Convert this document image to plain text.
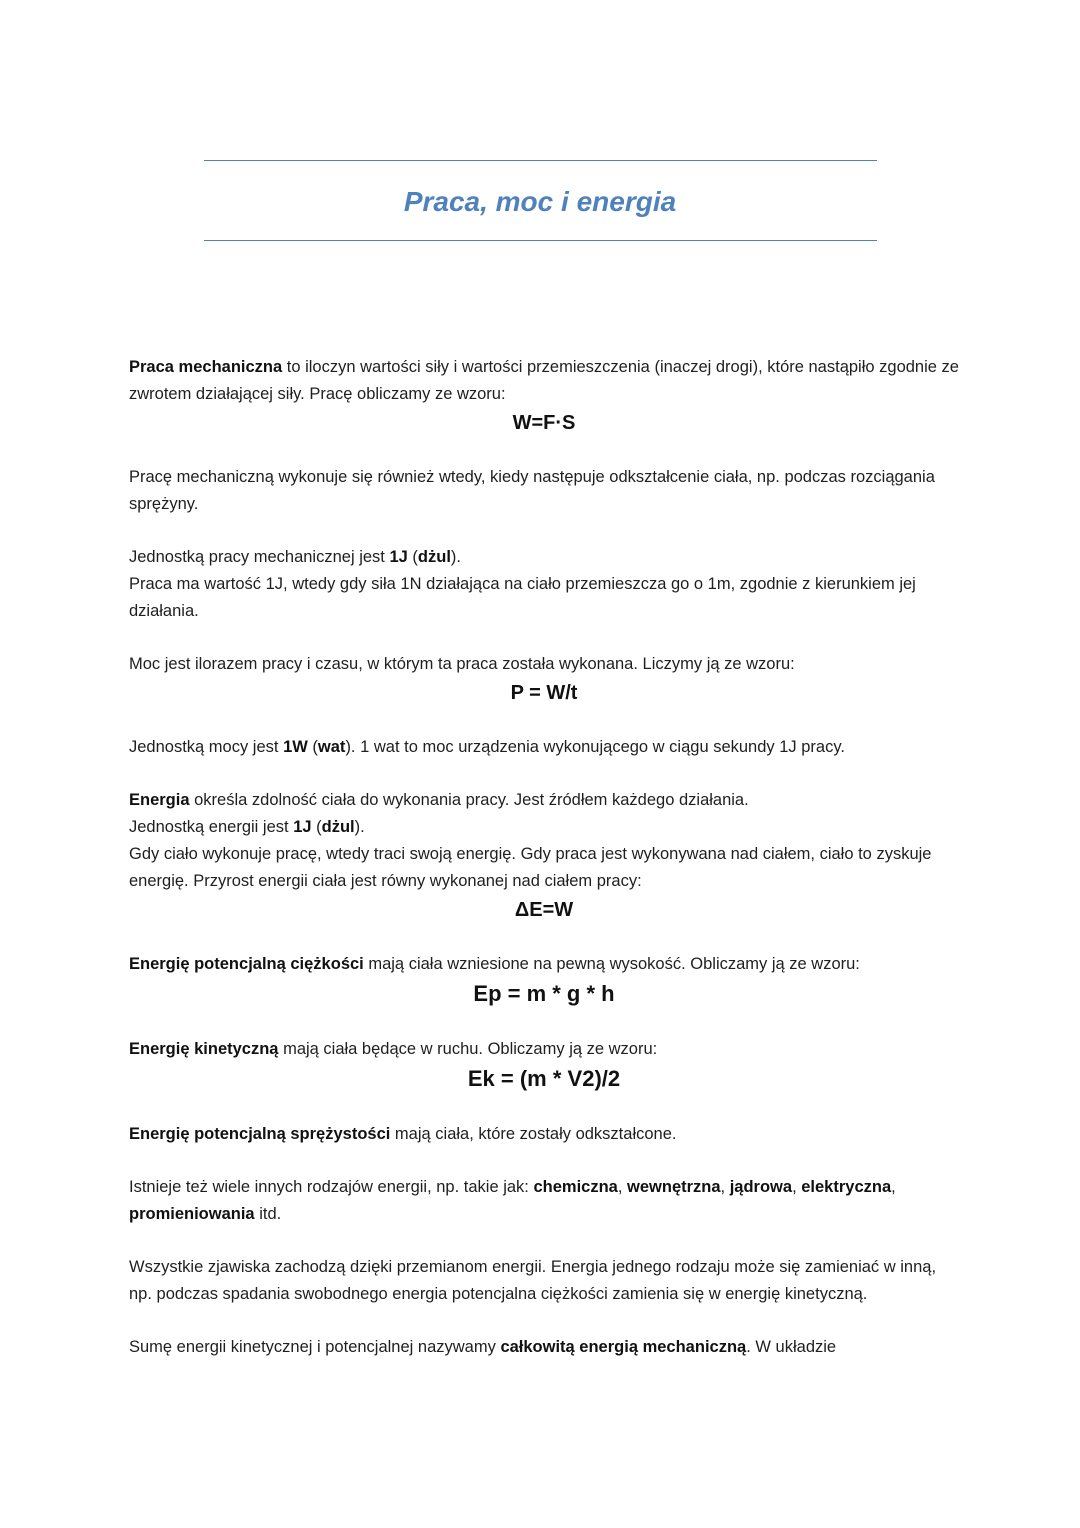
Praca, moc i energia

Praca mechaniczna to iloczyn wartości siły i wartości przemieszczenia (inaczej drogi), które nastąpiło zgodnie ze zwrotem działającej siły. Pracę obliczamy ze wzoru:

W=F·S

Pracę mechaniczną wykonuje się również wtedy, kiedy następuje odkształcenie ciała, np. podczas rozciągania sprężyny.

Jednostką pracy mechanicznej jest 1J (dżul).

Praca ma wartość 1J, wtedy gdy siła 1N działająca na ciało przemieszcza go o 1m, zgodnie z kierunkiem jej działania.

Moc jest ilorazem pracy i czasu, w którym ta praca została wykonana. Liczymy ją ze wzoru:

P = W/t

Jednostką mocy jest 1W (wat). 1 wat to moc urządzenia wykonującego w ciągu sekundy 1J pracy.

Energia określa zdolność ciała do wykonania pracy. Jest źródłem każdego działania.

Jednostką energii jest 1J (dżul).

Gdy ciało wykonuje pracę, wtedy traci swoją energię. Gdy praca jest wykonywana nad ciałem, ciało to zyskuje energię. Przyrost energii ciała jest równy wykonanej nad ciałem pracy:

ΔE=W

Energię potencjalną ciężkości mają ciała wzniesione na pewną wysokość. Obliczamy ją ze wzoru:

Ep = m * g * h

Energię kinetyczną mają ciała będące w ruchu. Obliczamy ją ze wzoru:

Ek = (m * V2)/2

Energię potencjalną sprężystości mają ciała, które zostały odkształcone.

Istnieje też wiele innych rodzajów energii, np. takie jak: chemiczna, wewnętrzna, jądrowa, elektryczna, promieniowania itd.

Wszystkie zjawiska zachodzą dzięki przemianom energii. Energia jednego rodzaju może się zamieniać w inną, np. podczas spadania swobodnego energia potencjalna ciężkości zamienia się w energię kinetyczną.

Sumę energii kinetycznej i potencjalnej nazywamy całkowitą energią mechaniczną. W układzie
